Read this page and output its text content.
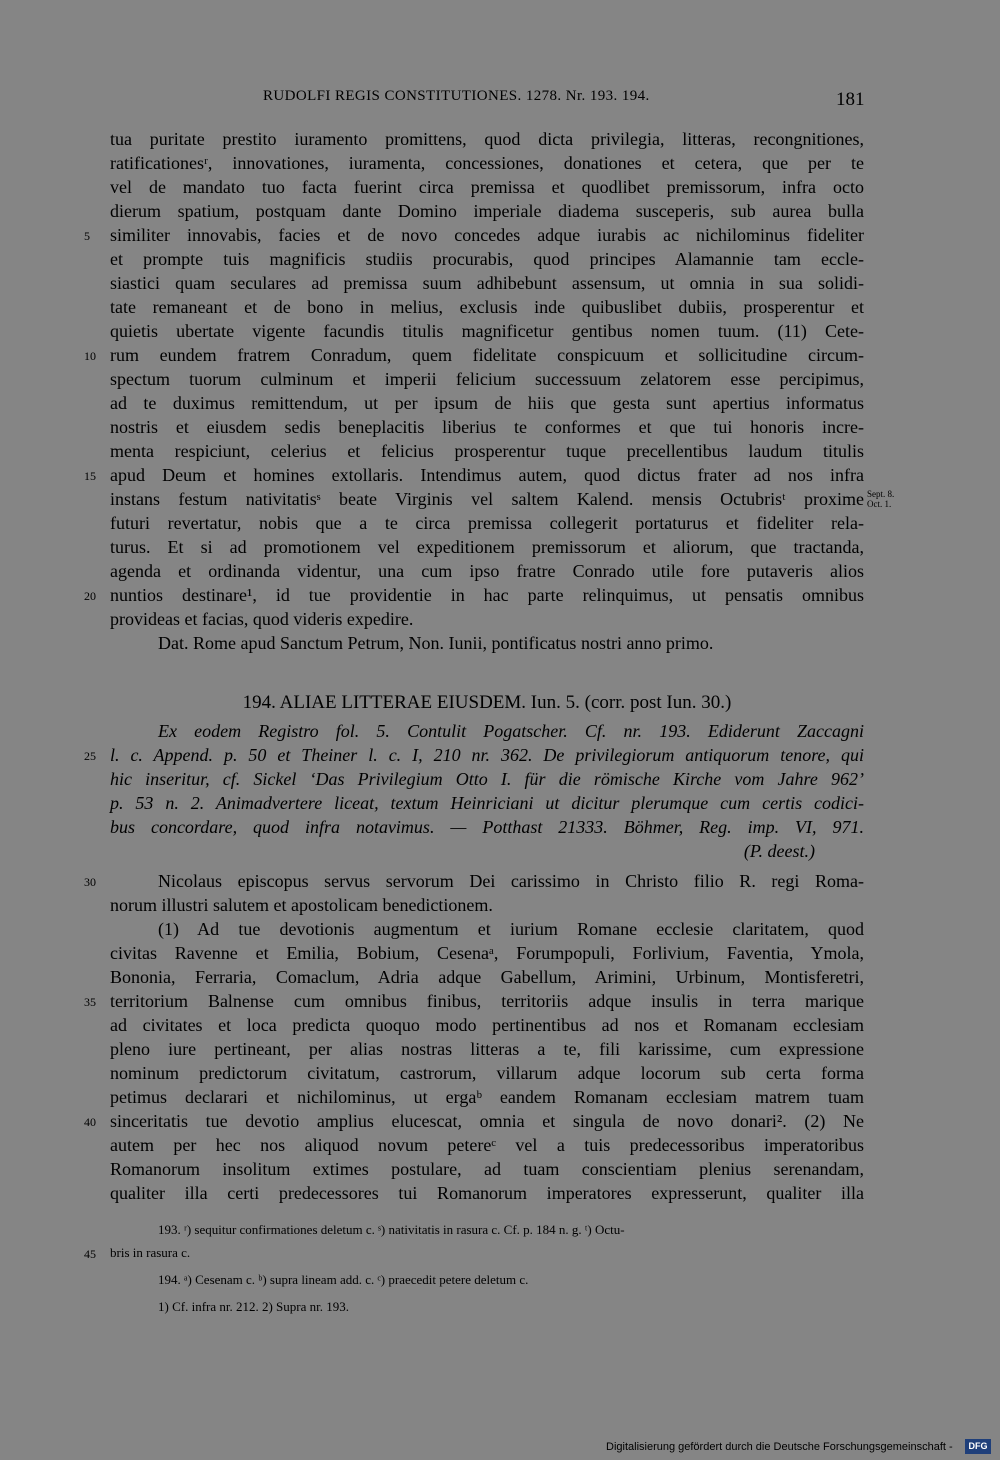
RUDOLFI REGIS CONSTITUTIONES. 1278. Nr. 193. 194.	181
tua puritate prestito iuramento promittens, quod dicta privilegia, litteras, recongnitiones,
ratificationesʳ, innovationes, iuramenta, concessiones, donationes et cetera, que per te
vel de mandato tuo facta fuerint circa premissa et quodlibet premissorum, infra octo
dierum spatium, postquam dante Domino imperiale diadema susceperis, sub aurea bulla
similiter innovabis, facies et de novo concedes adque iurabis ac nichilominus fideliter
et prompte tuis magnificis studiis procurabis, quod principes Alamannie tam eccle-
siastici quam seculares ad premissa suum adhibebunt assensum, ut omnia in sua solidi-
tate remaneant et de bono in melius, exclusis inde quibuslibet dubiis, prosperentur et
quietis ubertate vigente facundis titulis magnificetur gentibus nomen tuum. (11) Cete-
rum eundem fratrem Conradum, quem fidelitate conspicuum et sollicitudine circum-
spectum tuorum culminum et imperii felicium successuum zelatorem esse percipimus,
ad te duximus remittendum, ut per ipsum de hiis que gesta sunt apertius informatus
nostris et eiusdem sedis beneplacitis liberius te conformes et que tui honoris incre-
menta respiciunt, celerius et felicius prosperentur tuque precellentibus laudum titulis
apud Deum et homines extollaris. Intendimus autem, quod dictus frater ad nos infra
instans festum nativitatisˢ beate Virginis vel saltem Kalend. mensis Octubrisᵗ proxime
futuri revertatur, nobis que a te circa premissa collegerit portaturus et fideliter rela-
turus. Et si ad promotionem vel expeditionem premissorum et aliorum, que tractanda,
agenda et ordinanda videntur, una cum ipso fratre Conrado utile fore putaveris alios
nuntios destinare¹, id tue providentie in hac parte relinquimus, ut pensatis omnibus
provideas et facias, quod videris expedire.
Dat. Rome apud Sanctum Petrum, Non. Iunii, pontificatus nostri anno primo.
Sept. 8.
Oct. 1.
194. ALIAE LITTERAE EIUSDEM. Iun. 5. (corr. post Iun. 30.)
Ex eodem Registro fol. 5. Contulit Pogatscher. Cf. nr. 193. Ediderunt Zaccagni
l. c. Append. p. 50 et Theiner l. c. I, 210 nr. 362. De privilegiorum antiquorum tenore, qui
hic inseritur, cf. Sickel ‘Das Privilegium Otto I. für die römische Kirche vom Jahre 962’
p. 53 n. 2. Animadvertere liceat, textum Heinriciani ut dicitur plerumque cum certis codici-
bus concordare, quod infra notavimus. — Potthast 21333. Böhmer, Reg. imp. VI, 971.
(P. deest.)
Nicolaus episcopus servus servorum Dei carissimo in Christo filio R. regi Roma-
norum illustri salutem et apostolicam benedictionem.
(1) Ad tue devotionis augmentum et iurium Romane ecclesie claritatem, quod
civitas Ravenne et Emilia, Bobium, Cesenaᵃ, Forumpopuli, Forlivium, Faventia, Ymola,
Bononia, Ferraria, Comaclum, Adria adque Gabellum, Arimini, Urbinum, Montisferetri,
territorium Balnense cum omnibus finibus, territoriis adque insulis in terra marique
ad civitates et loca predicta quoquo modo pertinentibus ad nos et Romanam ecclesiam
pleno iure pertineant, per alias nostras litteras a te, fili karissime, cum expressione
nominum predictorum civitatum, castrorum, villarum adque locorum sub certa forma
petimus declarari et nichilominus, ut ergaᵇ eandem Romanam ecclesiam matrem tuam
sinceritatis tue devotio amplius elucescat, omnia et singula de novo donari². (2) Ne
autem per hec nos aliquod novum petereᶜ vel a tuis predecessoribus imperatoribus
Romanorum insolitum extimes postulare, ad tuam conscientiam plenius serenandam,
qualiter illa certi predecessores tui Romanorum imperatores expresserunt, qualiter illa
5
10
15
20
25
30
35
40
45
193. ʳ) sequitur confirmationes deletum c. ˢ) nativitatis in rasura c. Cf. p. 184 n. g. ᵗ) Octu-
bris in rasura c.
194. ᵃ) Cesenam c. ᵇ) supra lineam add. c. ᶜ) praecedit petere deletum c.
1) Cf. infra nr. 212. 2) Supra nr. 193.
Digitalisierung gefördert durch die Deutsche Forschungsgemeinschaft -	DFG
